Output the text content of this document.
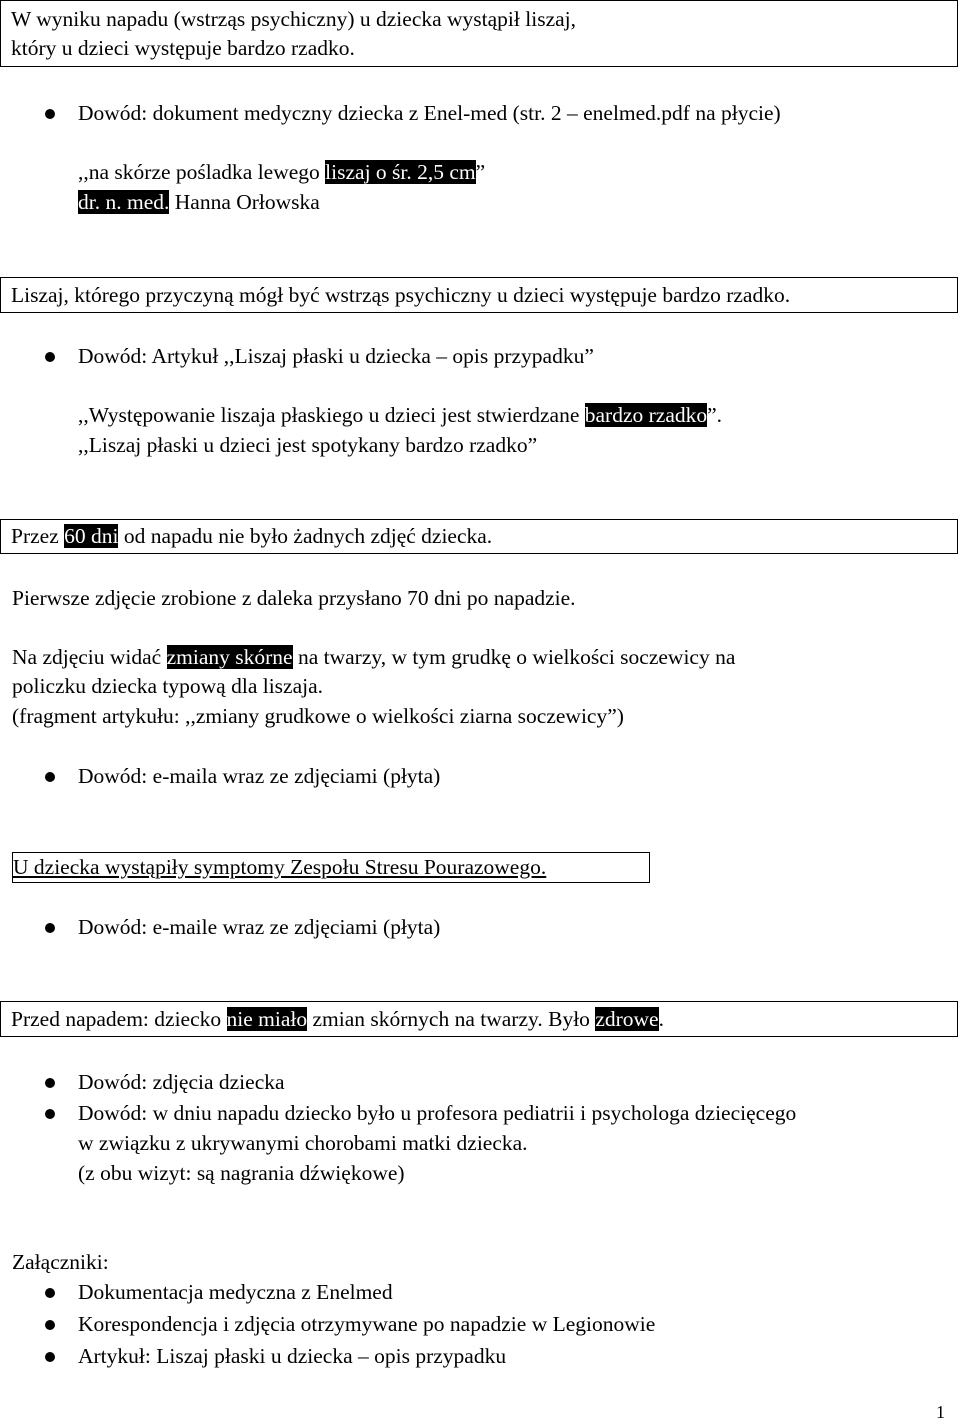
W wyniku napadu (wstrząs psychiczny) u dziecka wystąpił liszaj,
który u dzieci występuje bardzo rzadko.
Dowód: dokument medyczny dziecka z Enel-med (str. 2 – enelmed.pdf na płycie)
,,na skórze pośladka lewego liszaj o śr. 2,5 cm”
dr. n. med. Hanna Orłowska
Liszaj, którego przyczyną mógł być wstrząs psychiczny u dzieci występuje bardzo rzadko.
Dowód: Artykuł ,,Liszaj płaski u dziecka – opis przypadku”
,,Występowanie liszaja płaskiego u dzieci jest stwierdzane bardzo rzadko”.
,,Liszaj płaski u dzieci jest spotykany bardzo rzadko”
Przez 60 dni od napadu nie było żadnych zdjęć dziecka.
Pierwsze zdjęcie zrobione z daleka przysłano 70 dni po napadzie.
Na zdjęciu widać zmiany skórne na twarzy, w tym grudkę o wielkości soczewicy na
policzku dziecka typową dla liszaja.
(fragment artykułu: ,,zmiany grudkowe o wielkości ziarna soczewicy”)
Dowód: e-maila wraz ze zdjęciami (płyta)
U dziecka wystąpiły symptomy Zespołu Stresu Pourazowego.
Dowód: e-maile wraz ze zdjęciami (płyta)
Przed napadem: dziecko nie miało zmian skórnych na twarzy. Było zdrowe.
Dowód: zdjęcia dziecka
Dowód: w dniu napadu dziecko było u profesora pediatrii i psychologa dziecięcego
w związku z ukrywanymi chorobami matki dziecka.
(z obu wizyt: są nagrania dźwiękowe)
Załączniki:
Dokumentacja medyczna z Enelmed
Korespondencja i zdjęcia otrzymywane po napadzie w Legionowie
Artykuł: Liszaj płaski u dziecka – opis przypadku
1
